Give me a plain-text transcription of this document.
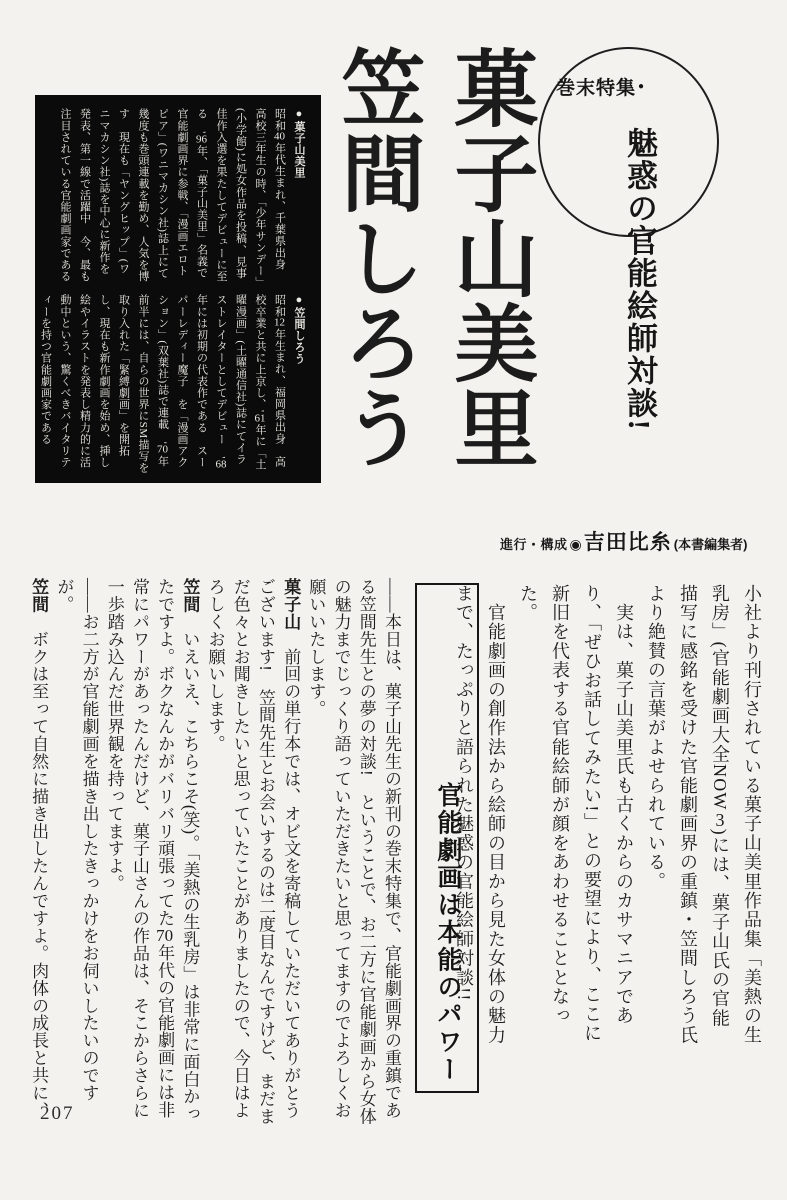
●菓子山美里
昭和40年代生まれ、千葉県出身　高校三年生の時、「少年サンデー」(小学館)に処女作品を投稿、見事佳作入選を果たしてデビューに至る　'96年、「菓子山美里」名義で官能劇画界に参戦、「漫画エロトピア」(ワニマカシン社)誌上にて幾度も巻頭連載を勤め、人気を博す　現在も「ヤングヒップ」(ワニマカシン社)誌を中心に新作を発表、第一線で活躍中　今、最も注目されている官能劇画家である
●笠間しろう
昭和12年生まれ、福岡県出身　高校卒業と共に上京し、'61年に「土曜漫画」(土曜通信社)誌にてイラストレイターとしてデビュー　'68年には初期の代表作である　スーパーレディー魔子　を「漫画アクション」(双葉社)誌で連載　'70年前半には、自らの世界にSM描写を取り入れた「緊縛劇画」を開拓し、現在も新作劇画を始め、挿し絵やイラストを発表し精力的に活動中という、驚くべきバイタリティーを持つ官能劇画家である	菓子山美里
笠間しろう	巻末特集 ●
魅惑の官能絵師対談!
進行・構成 ◉ 吉田比糸 (本書編集者)

小社より刊行されている菓子山美里作品集「美熱の生乳房」(官能劇画大全NOW3)には、菓子山氏の官能描写に感銘を受けた官能劇画界の重鎮・笠間しろう氏より絶賛の言葉がよせられている。

　実は、菓子山美里氏も古くからのカサマニアであり、「ぜひお話してみたい!」との要望により、ここに新旧を代表する官能絵師が顔をあわせることとなった。

　官能劇画の創作法から絵師の目から見た女体の魅力まで、たっぷりと語られた魅惑の官能絵師対談!!

官能劇画は本能のパワー

——本日は、菓子山先生の新刊の巻末特集で、官能劇画界の重鎮である笠間先生との夢の対談!　ということで、お二方に官能劇画から女体の魅力までじっくり語っていただきたいと思ってますのでよろしくお願いいたします。

菓子山　前回の単行本では、オビ文を寄稿していただいてありがとうございます!　笠間先生とお会いするのは二度目なんですけど、まだまだ色々とお聞きしたいと思っていたことがありましたので、今日はよろしくお願いします。

笠間　いえいえ、こちらこそ(笑)。「美熱の生乳房」は非常に面白かったですよ。ボクなんかがバリバリ頑張ってた70年代の官能劇画には非常にパワーがあったんだけど、菓子山さんの作品は、そこからさらに一歩踏み込んだ世界観を持ってますよ。

——お二方が官能劇画を描き出したきっかけをお伺いしたいのですが。

笠間　ボクは至って自然に描き出したんですよ。肉体の成長と共に、

207
